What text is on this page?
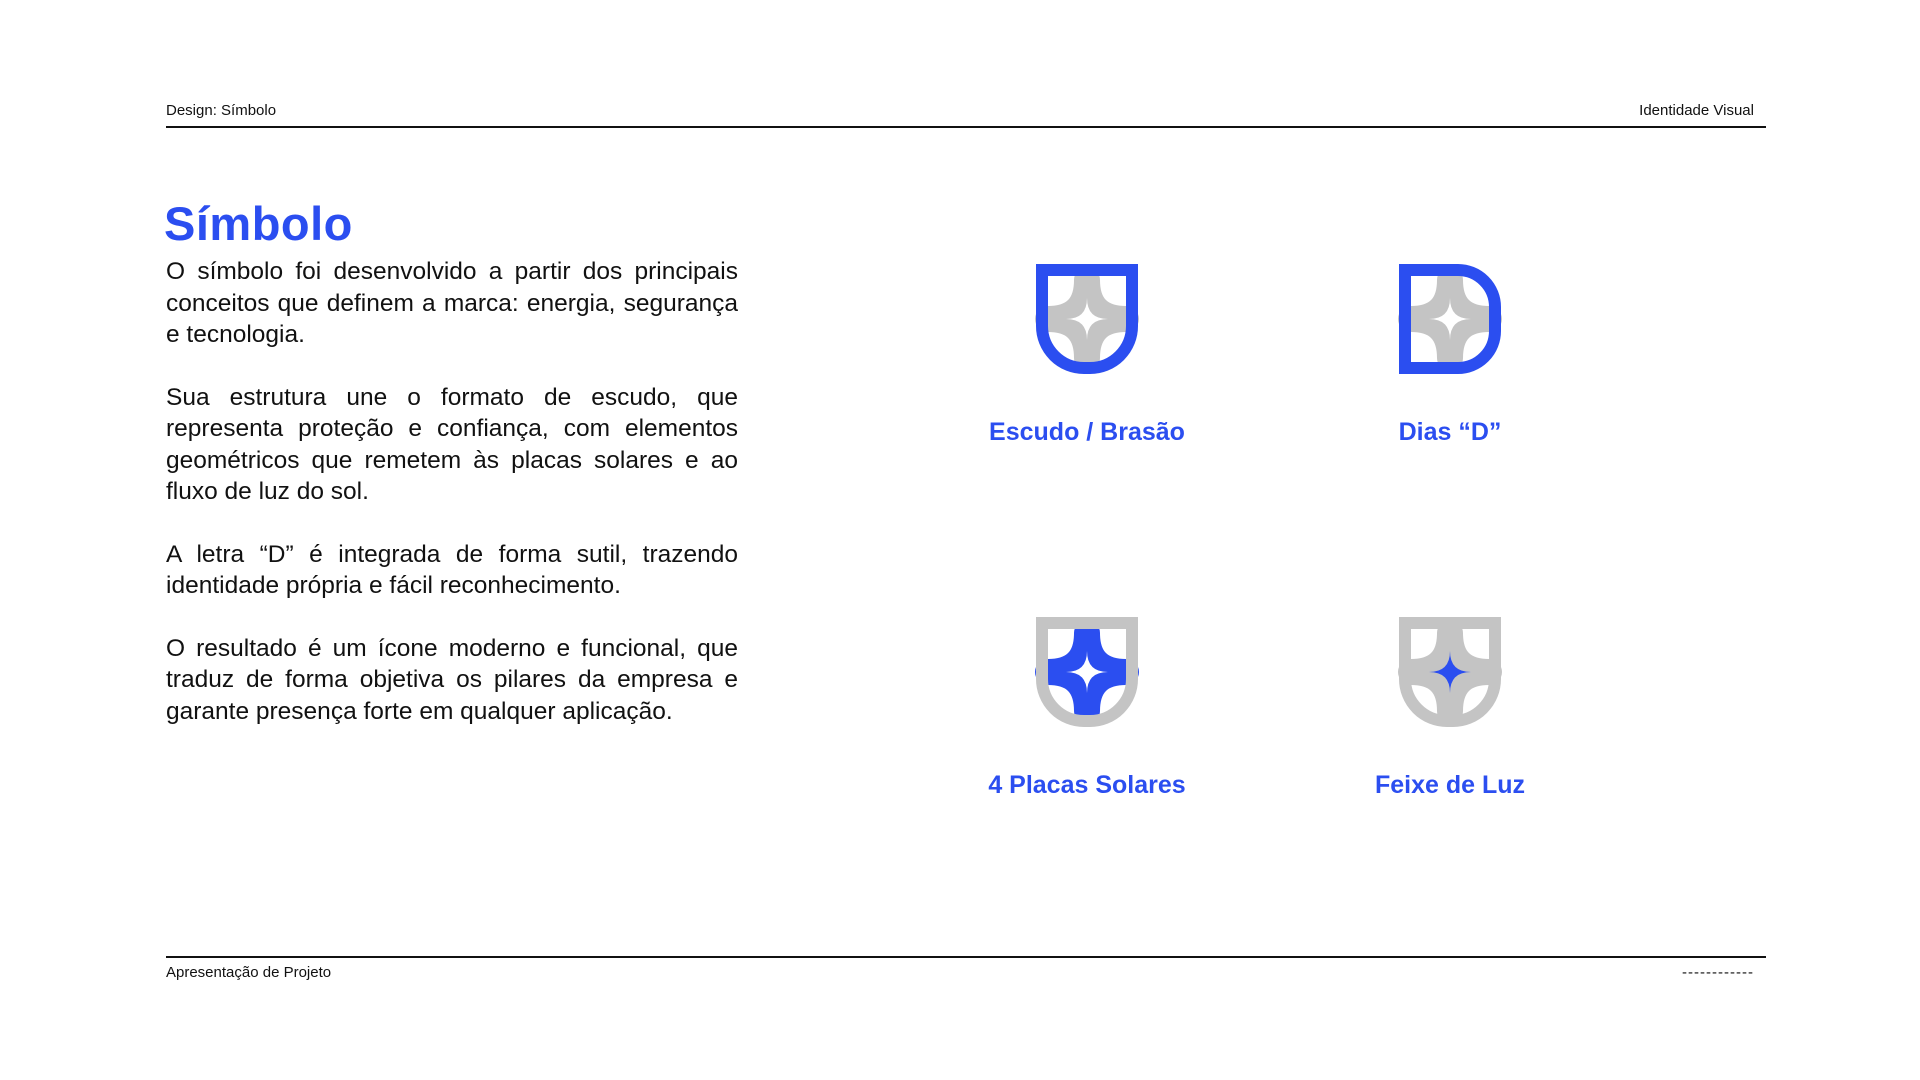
Design: Símbolo	Identidade Visual
Símbolo

O símbolo foi desenvolvido a partir dos principais conceitos que definem a marca: energia, segurança e tecnologia.

Sua estrutura une o formato de escudo, que representa proteção e confiança, com elementos geométricos que remetem às placas solares e ao fluxo de luz do sol.

A letra “D” é integrada de forma sutil, trazendo identidade própria e fácil reconhecimento.

O resultado é um ícone moderno e funcional, que traduz de forma objetiva os pilares da empresa e garante presença forte em qualquer aplicação.

Escudo / Brasão	Dias “D”
4 Placas Solares	Feixe de Luz
Apresentação de Projeto	------------
